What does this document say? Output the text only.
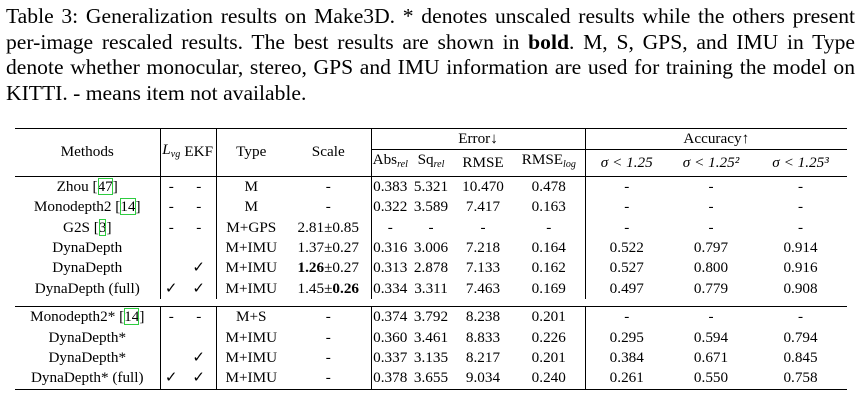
Table 3: Generalization results on Make3D. * denotes unscaled results while the others present per-image rescaled results. The best results are shown in bold. M, S, GPS, and IMU in Type denote whether monocular, stereo, GPS and IMU information are used for training the model on KITTI. - means item not available.

Methods	$L_{vg}$	EKF	Type	Scale	Error↓				Accuracy↑		
					Abs$_{rel}$	$Sq_{rel}$	RMSE	$RMSE_{log}$	σ < 1.25	σ < 1.25²	σ < 1.25³
Zhou [47]	-	-	M	-	0.383	5.321	10.470	0.478	-	-	-
Monodepth2 [14]	-	-	M	-	0.322	3.589	7.417	0.163	-	-	-
G2S [3]	-	-	M+GPS	2.81±0.85	-	-	-	-	-	-	-
DynaDepth			M+IMU	1.37±0.27	0.316	3.006	7.218	0.164	0.522	0.797	0.914
DynaDepth		✓	M+IMU	1.26±0.27	0.313	2.878	7.133	0.162	0.527	0.800	0.916
DynaDepth (full)	✓	✓	M+IMU	1.45±0.26	0.334	3.311	7.463	0.169	0.497	0.779	0.908

Monodepth2* [14]	-	-	M+S	-	0.374	3.792	8.238	0.201	-	-	-
DynaDepth*			M+IMU	-	0.360	3.461	8.833	0.226	0.295	0.594	0.794
DynaDepth*		✓	M+IMU	-	0.337	3.135	8.217	0.201	0.384	0.671	0.845
DynaDepth* (full)	✓	✓	M+IMU	-	0.378	3.655	9.034	0.240	0.261	0.550	0.758
